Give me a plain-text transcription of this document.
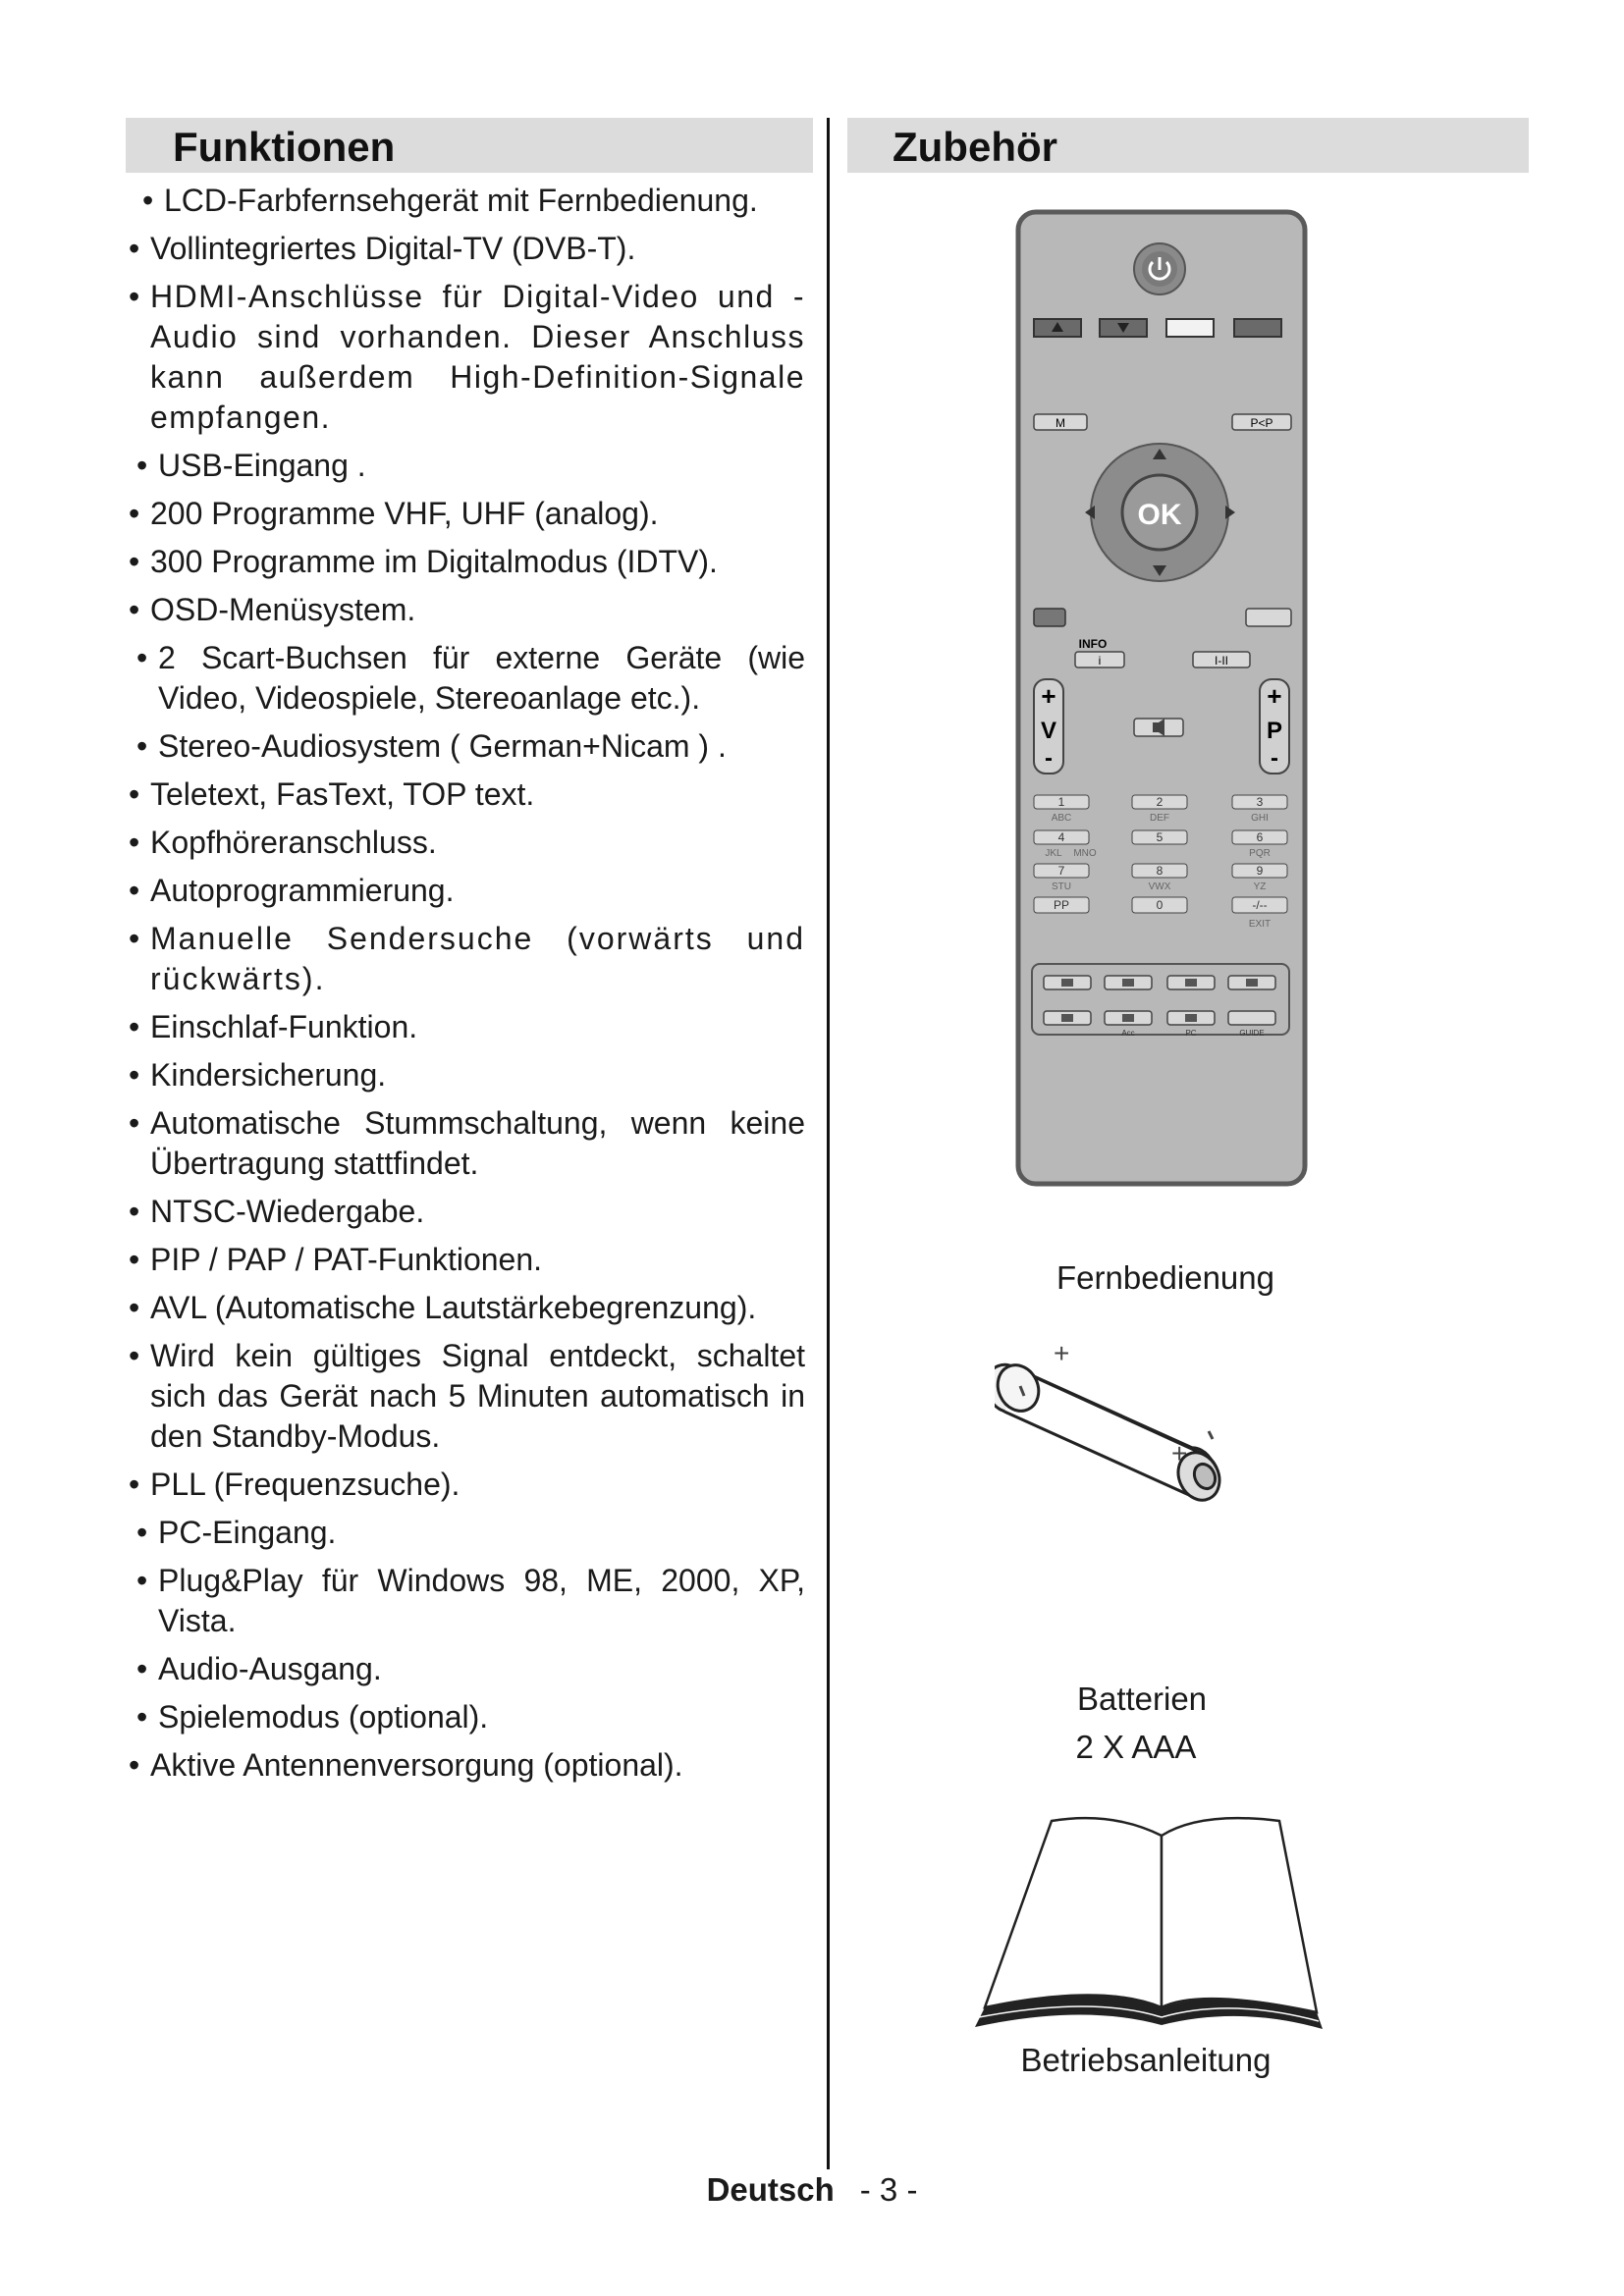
Funktionen
• LCD-Farbfernsehgerät mit Fernbedienung.
• Vollintegriertes Digital-TV (DVB-T).
• HDMI-Anschlüsse für Digital-Video und -Audio sind vorhanden. Dieser Anschluss kann außerdem High-Definition-Signale empfangen.
• USB-Eingang .
• 200 Programme VHF, UHF (analog).
• 300 Programme im Digitalmodus (IDTV).
• OSD-Menüsystem.
• 2 Scart-Buchsen für externe Geräte (wie Video, Videospiele, Stereoanlage etc.).
• Stereo-Audiosystem ( German+Nicam ) .
• Teletext, FasText, TOP text.
• Kopfhöreranschluss.
• Autoprogrammierung.
• Manuelle Sendersuche (vorwärts und rückwärts).
• Einschlaf-Funktion.
• Kindersicherung.
• Automatische Stummschaltung, wenn keine Übertragung stattfindet.
• NTSC-Wiedergabe.
• PIP / PAP / PAT-Funktionen.
• AVL (Automatische Lautstärkebegrenzung).
• Wird kein gültiges Signal entdeckt, schaltet sich das Gerät nach 5 Minuten automatisch in den Standby-Modus.
• PLL (Frequenzsuche).
• PC-Eingang.
• Plug&Play für Windows 98, ME, 2000, XP, Vista.
• Audio-Ausgang.
• Spielemodus (optional).
• Aktive Antennenversorgung (optional).
Zubehör
M	P<P
OK
INFO
i	I-II
+
V
-
+
P
-
1
ABC
2
DEF
3
GHI
4
JKL MNO
5	6
PQR
7
STU
8
VWX
9
YZ
PP	0	-/--
EXIT
Acc	PC	GUIDE
Fernbedienung
+
+
Batterien
2 X AAA
Betriebsanleitung
Deutsch - 3 -
